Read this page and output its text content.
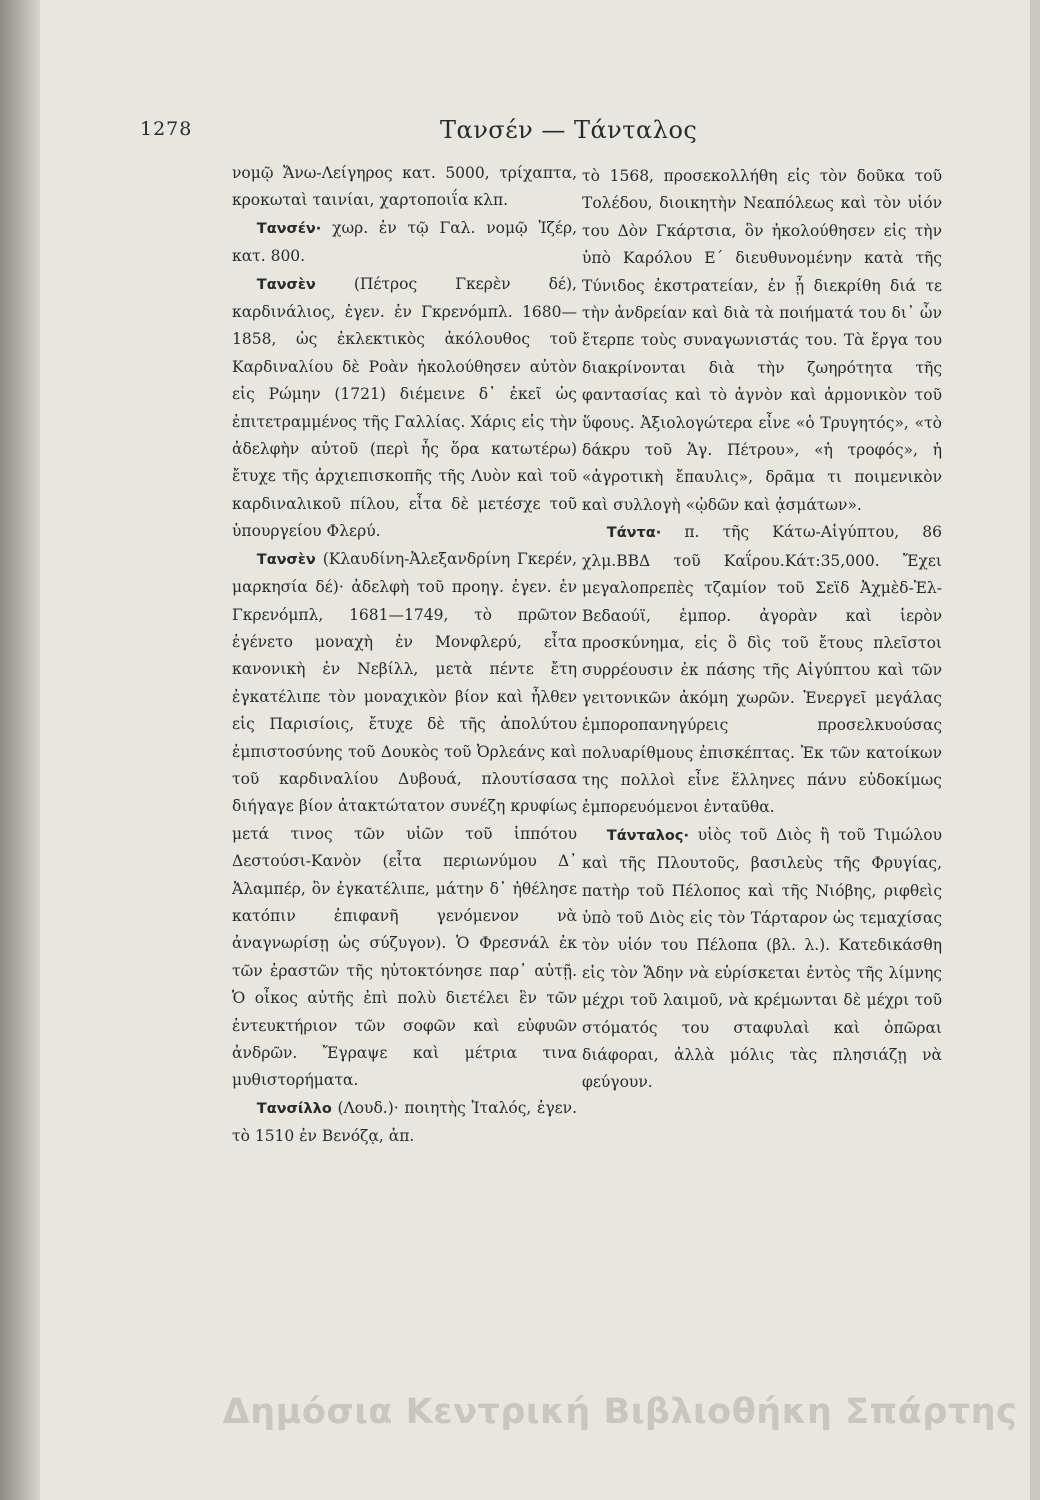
1278	Τανσέν — Τάνταλος

νομῷ Ἄνω-Λείγηρος κατ. 5000, τρίχαπτα, κροκωταὶ ταινίαι, χαρτοποιΐα κλπ.

Τανσέν· χωρ. ἐν τῷ Γαλ. νομῷ Ἰζέρ, κατ. 800.

Τανσὲν (Πέτρος Γκερὲν δέ), καρδινάλιος, ἐγεν. ἐν Γκρενόμπλ. 1680—1858, ὡς ἐκλεκτικὸς ἀκόλουθος τοῦ Καρδιναλίου δὲ Ροὰν ἠκολούθησεν αὐτὸν εἰς Ρώμην (1721) διέμεινε δ᾽ ἐκεῖ ὡς ἐπιτετραμμένος τῆς Γαλλίας. Χάρις εἰς τὴν ἀδελφὴν αὐτοῦ (περὶ ἧς ὅρα κατωτέρω) ἔτυχε τῆς ἀρχιεπισκοπῆς τῆς Λυὸν καὶ τοῦ καρδιναλικοῦ πίλου, εἶτα δὲ μετέσχε τοῦ ὑπουργείου Φλερύ.

Τανσὲν (Κλαυδίνη-Ἀλεξανδρίνη Γκερέν, μαρκησία δέ)· ἀδελφὴ τοῦ προηγ. ἐγεν. ἐν Γκρενόμπλ, 1681—1749, τὸ πρῶτον ἐγένετο μοναχὴ ἐν Μονφλερύ, εἶτα κανονικὴ ἐν Νεβίλλ, μετὰ πέντε ἔτη ἐγκατέλιπε τὸν μοναχικὸν βίον καὶ ἦλθεν εἰς Παρισίοις, ἔτυχε δὲ τῆς ἀπολύτου ἐμπιστοσύνης τοῦ Δουκὸς τοῦ Ὀρλεάνς καὶ τοῦ καρδιναλίου Δυβουά, πλουτίσασα διήγαγε βίον ἀτακτώτατον συνέζη κρυφίως μετά τινος τῶν υἱῶν τοῦ ἱππότου Δεστούσι-Κανὸν (εἶτα περιωνύμου Δ᾽ Ἀλαμπέρ, ὃν ἐγκατέλιπε, μάτην δ᾽ ἠθέλησε κατόπιν ἐπιφανῆ γενόμενον νὰ ἀναγνωρίσῃ ὡς σύζυγον). Ὁ Φρεσνάλ ἐκ τῶν ἐραστῶν τῆς ηὐτοκτόνησε παρ᾽ αὐτῇ. Ὁ οἶκος αὐτῆς ἐπὶ πολὺ διετέλει ἓν τῶν ἐντευκτήριον τῶν σοφῶν καὶ εὐφυῶν ἀνδρῶν. Ἔγραψε καὶ μέτρια τινα μυθιστορήματα.

Τανσίλλο (Λουδ.)· ποιητὴς Ἰταλός, ἐγεν. τὸ 1510 ἐν Βενόζᾳ, ἀπ.

τὸ 1568, προσεκολλήθη εἰς τὸν δοῦκα τοῦ Τολέδου, διοικητὴν Νεαπόλεως καὶ τὸν υἱόν του Δὸν Γκάρτσια, ὃν ἠκολούθησεν εἰς τὴν ὑπὸ Καρόλου Ε΄ διευθυνομένην κατὰ τῆς Τύνιδος ἐκστρατείαν, ἐν ᾗ διεκρίθη διά τε τὴν ἀνδρείαν καὶ διὰ τὰ ποιήματά του δι᾽ ὧν ἔτερπε τοὺς συναγωνιστάς του. Τὰ ἔργα του διακρίνονται διὰ τὴν ζωηρότητα τῆς φαντασίας καὶ τὸ ἁγνὸν καὶ ἁρμονικὸν τοῦ ὕφους. Ἀξιολογώτερα εἶνε «ὁ Τρυγητός», «τὸ δάκρυ τοῦ Ἁγ. Πέτρου», «ἡ τροφός», ἡ «ἀγροτικὴ ἔπαυλις», δρᾶμα τι ποιμενικὸν καὶ συλλογὴ «ᾠδῶν καὶ ᾀσμάτων».

Τάντα· π. τῆς Κάτω-Αἰγύπτου, 86 χλμ.ΒΒΔ τοῦ Καΐρου.Κάτ:35,000. Ἔχει μεγαλοπρεπὲς τζαμίον τοῦ Σεϊδ Ἀχμὲδ-Ἐλ-Βεδαούϊ, ἐμπορ. ἀγορὰν καὶ ἱερὸν προσκύνημα, εἰς ὃ δὶς τοῦ ἔτους πλεῖστοι συρρέουσιν ἐκ πάσης τῆς Αἰγύπτου καὶ τῶν γειτονικῶν ἀκόμη χωρῶν. Ἐνεργεῖ μεγάλας ἐμποροπανηγύρεις προσελκυούσας πολυαρίθμους ἐπισκέπτας. Ἐκ τῶν κατοίκων της πολλοὶ εἶνε ἕλληνες πάνυ εὐδοκίμως ἐμπορευόμενοι ἐνταῦθα.

Τάνταλος· υἱὸς τοῦ Διὸς ἢ τοῦ Τιμώλου καὶ τῆς Πλουτοῦς, βασιλεὺς τῆς Φρυγίας, πατὴρ τοῦ Πέλοπος καὶ τῆς Νιόβης, ριφθεὶς ὑπὸ τοῦ Διὸς εἰς τὸν Τάρταρον ὡς τεμαχίσας τὸν υἱόν του Πέλοπα (βλ. λ.). Κατεδικάσθη εἰς τὸν Ἅδην νὰ εὑρίσκεται ἐντὸς τῆς λίμνης μέχρι τοῦ λαιμοῦ, νὰ κρέμωνται δὲ μέχρι τοῦ στόματός του σταφυλαὶ καὶ ὀπῶραι διάφοραι, ἀλλὰ μόλις τὰς πλησιάζῃ νὰ φεύγουν.

Δημόσια Κεντρική Βιβλιοθήκη Σπάρτης
